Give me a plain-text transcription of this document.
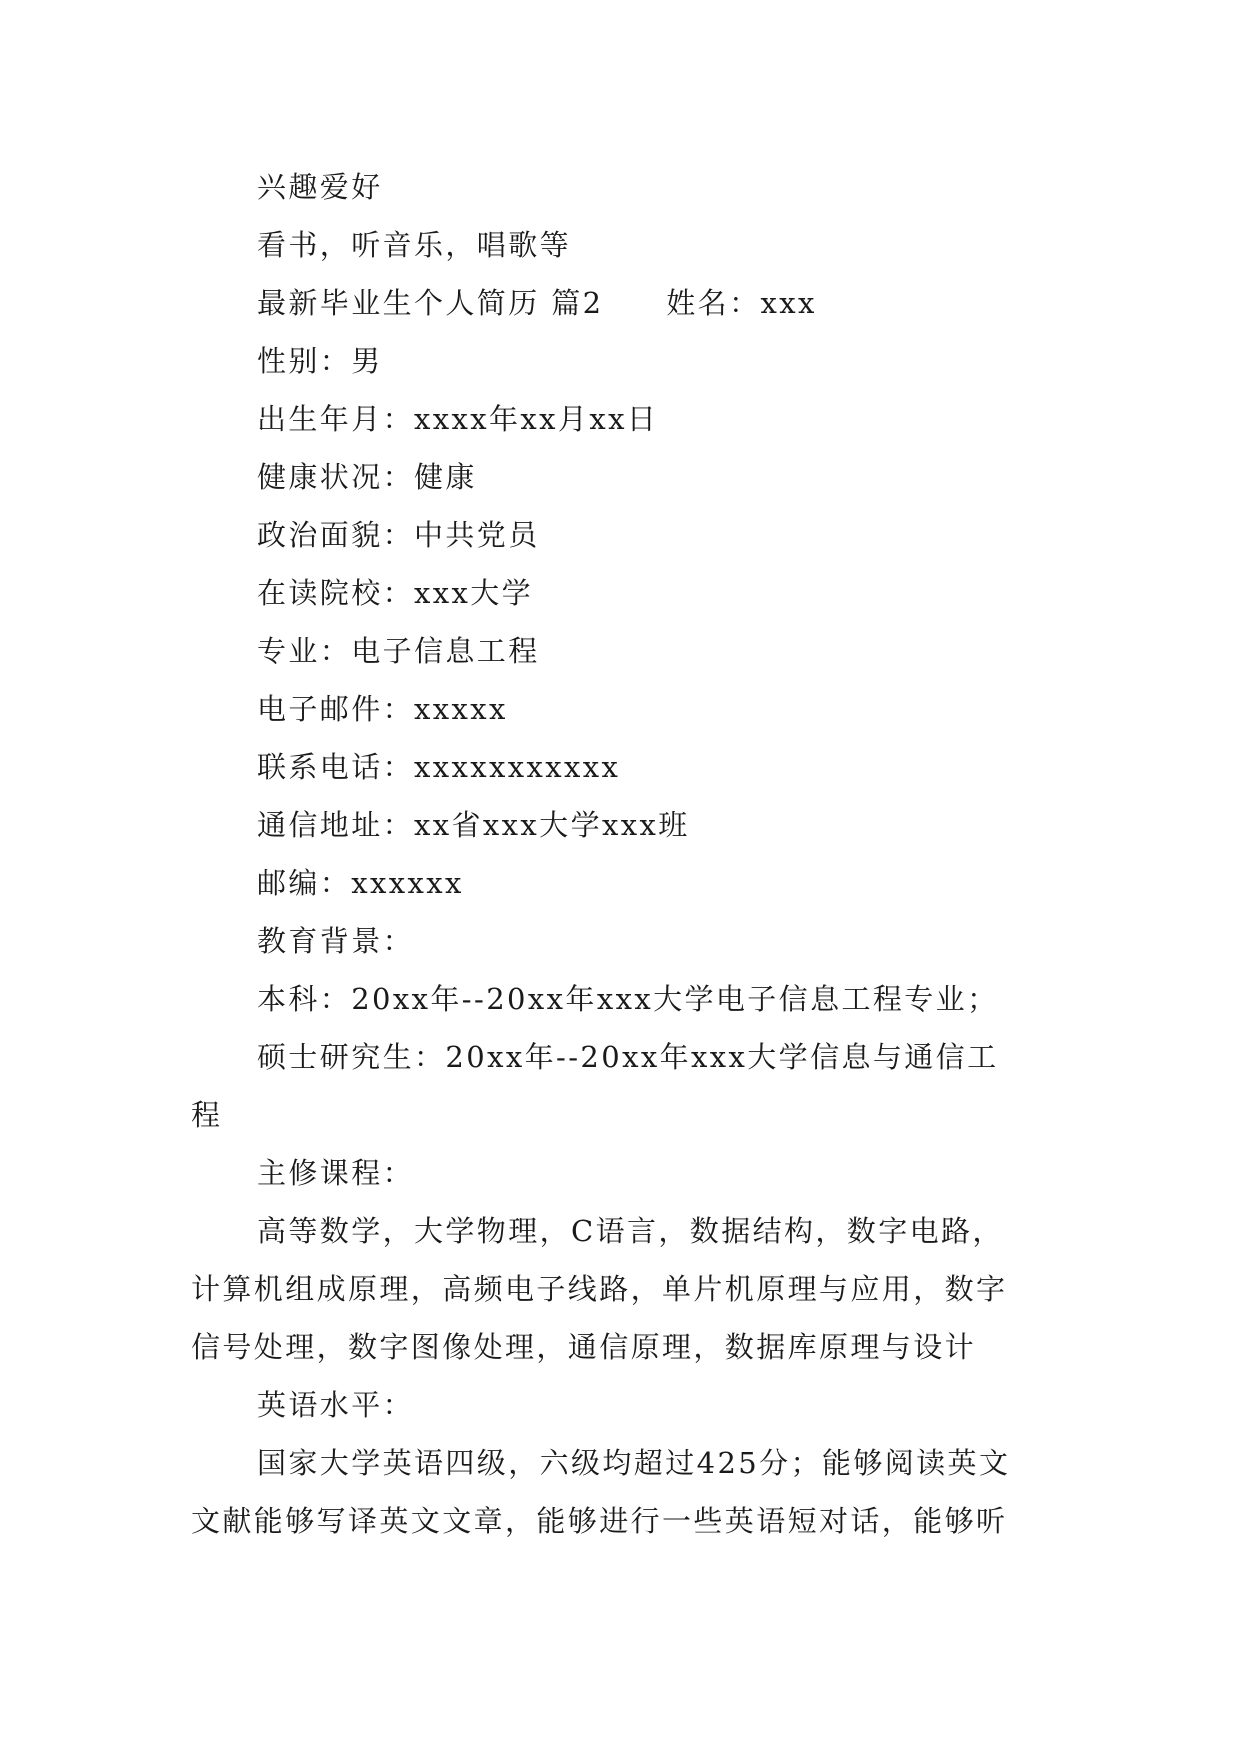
兴趣爱好

看书，听音乐，唱歌等

最新毕业生个人简历 篇2　　姓名：xxx

性别：男

出生年月：xxxx年xx月xx日

健康状况：健康

政治面貌：中共党员

在读院校：xxx大学

专业：电子信息工程

电子邮件：xxxxx

联系电话：xxxxxxxxxxx

通信地址：xx省xxx大学xxx班

邮编：xxxxxx

教育背景：

本科：20xx年--20xx年xxx大学电子信息工程专业；

硕士研究生：20xx年--20xx年xxx大学信息与通信工

程

主修课程：

高等数学，大学物理，C语言，数据结构，数字电路，

计算机组成原理，高频电子线路，单片机原理与应用，数字

信号处理，数字图像处理，通信原理，数据库原理与设计

英语水平：

国家大学英语四级，六级均超过425分；能够阅读英文

文献能够写译英文文章，能够进行一些英语短对话，能够听
